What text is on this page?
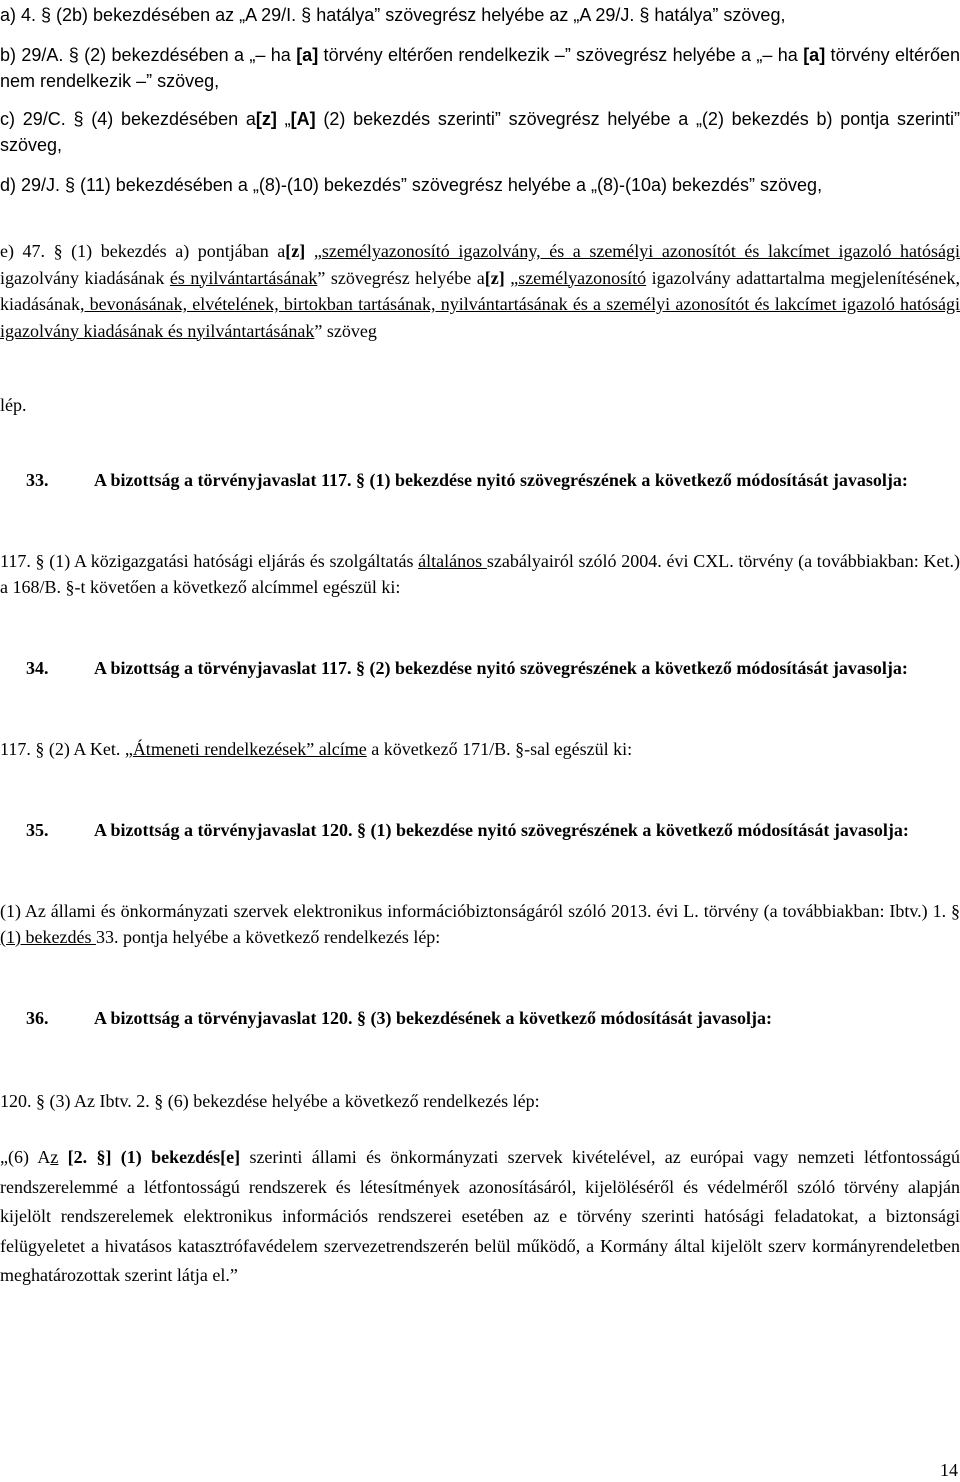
a) 4. § (2b) bekezdésében az „A 29/I. § hatálya” szövegrész helyébe az „A 29/J. § hatálya” szöveg,

b) 29/A. § (2) bekezdésében a „– ha [a] törvény eltérően rendelkezik –” szövegrész helyébe a „– ha [a] törvény eltérően nem rendelkezik –” szöveg,

c) 29/C. § (4) bekezdésében a[z] „[A] (2) bekezdés szerinti” szövegrész helyébe a „(2) bekezdés b) pontja szerinti” szöveg,

d) 29/J. § (11) bekezdésében a „(8)-(10) bekezdés” szövegrész helyébe a „(8)-(10a) bekezdés” szöveg,

e) 47. § (1) bekezdés a) pontjában a[z] „személyazonosító igazolvány, és a személyi azonosítót és lakcímet igazoló hatósági igazolvány kiadásának és nyilvántartásának” szövegrész helyébe a[z] „személyazonosító igazolvány adattartalma megjelenítésének, kiadásának, bevonásának, elvételének, birtokban tartásának, nyilvántartásának és a személyi azonosítót és lakcímet igazoló hatósági igazolvány kiadásának és nyilvántartásának” szöveg

lép.

33.	A bizottság a törvényjavaslat 117. § (1) bekezdése nyitó szövegrészének a következő módosítását javasolja:

117. § (1) A közigazgatási hatósági eljárás és szolgáltatás általános szabályairól szóló 2004. évi CXL. törvény (a továbbiakban: Ket.) a 168/B. §-t követően a következő alcímmel egészül ki:

34.	A bizottság a törvényjavaslat 117. § (2) bekezdése nyitó szövegrészének a következő módosítását javasolja:

117. § (2) A Ket. „Átmeneti rendelkezések” alcíme a következő 171/B. §-sal egészül ki:

35.	A bizottság a törvényjavaslat 120. § (1) bekezdése nyitó szövegrészének a következő módosítását javasolja:

(1) Az állami és önkormányzati szervek elektronikus információbiztonságáról szóló 2013. évi L. törvény (a továbbiakban: Ibtv.) 1. § (1) bekezdés 33. pontja helyébe a következő rendelkezés lép:

36.	A bizottság a törvényjavaslat 120. § (3) bekezdésének a következő módosítását javasolja:

120. § (3) Az Ibtv. 2. § (6) bekezdése helyébe a következő rendelkezés lép:

„(6) Az [2. §] (1) bekezdés[e] szerinti állami és önkormányzati szervek kivételével, az európai vagy nemzeti létfontosságú rendszerelemmé a létfontosságú rendszerek és létesítmények azonosításáról, kijelöléséről és védelméről szóló törvény alapján kijelölt rendszerelemek elektronikus információs rendszerei esetében az e törvény szerinti hatósági feladatokat, a biztonsági felügyeletet a hivatásos katasztrófavédelem szervezetrendszerén belül működő, a Kormány által kijelölt szerv kormányrendeletben meghatározottak szerint látja el.”

14
